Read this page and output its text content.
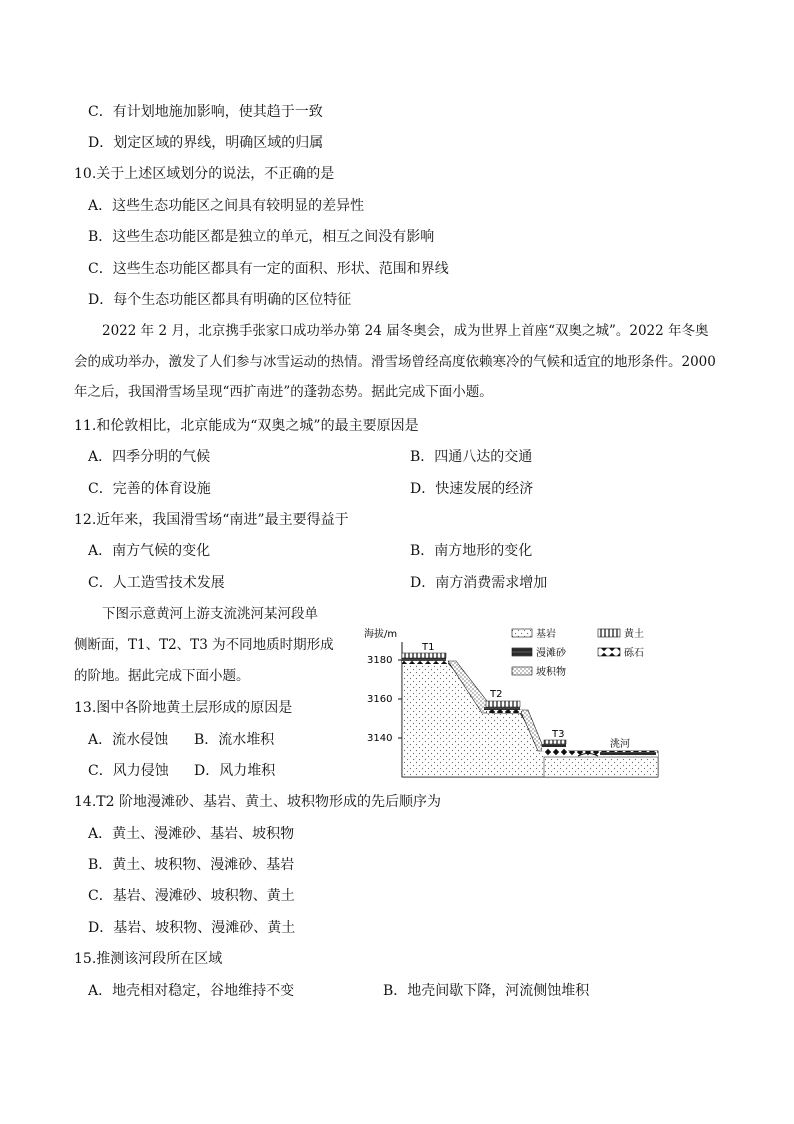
C．有计划地施加影响，使其趋于一致
D．划定区域的界线，明确区域的归属
10.关于上述区域划分的说法，不正确的是
A．这些生态功能区之间具有较明显的差异性
B．这些生态功能区都是独立的单元，相互之间没有影响
C．这些生态功能区都具有一定的面积、形状、范围和界线
D．每个生态功能区都具有明确的区位特征
2022 年 2 月，北京携手张家口成功举办第 24 届冬奥会，成为世界上首座“双奥之城”。2022 年冬奥
会的成功举办，激发了人们参与冰雪运动的热情。滑雪场曾经高度依赖寒冷的气候和适宜的地形条件。2000
年之后，我国滑雪场呈现“西扩南进”的蓬勃态势。据此完成下面小题。
11.和伦敦相比，北京能成为“双奥之城”的最主要原因是
A．四季分明的气候	B．四通八达的交通
C．完善的体育设施	D．快速发展的经济
12.近年来，我国滑雪场“南进”最主要得益于
A．南方气候的变化	B．南方地形的变化
C．人工造雪技术发展	D．南方消费需求增加
下图示意黄河上游支流洮河某河段单
侧断面，T1、T2、T3 为不同地质时期形成
的阶地。据此完成下面小题。
13.图中各阶地黄土层形成的原因是
A．流水侵蚀 B．流水堆积
C．风力侵蚀 D．风力堆积
海拔/m
3180
3160
3140
T1
T2
T3
洮河
基岩	黄土
漫滩砂	砾石
坡积物
14.T2 阶地漫滩砂、基岩、黄土、坡积物形成的先后顺序为
A．黄土、漫滩砂、基岩、坡积物
B．黄土、坡积物、漫滩砂、基岩
C．基岩、漫滩砂、坡积物、黄土
D．基岩、坡积物、漫滩砂、黄土
15.推测该河段所在区域
A．地壳相对稳定，谷地维持不变	B．地壳间歇下降，河流侧蚀堆积
